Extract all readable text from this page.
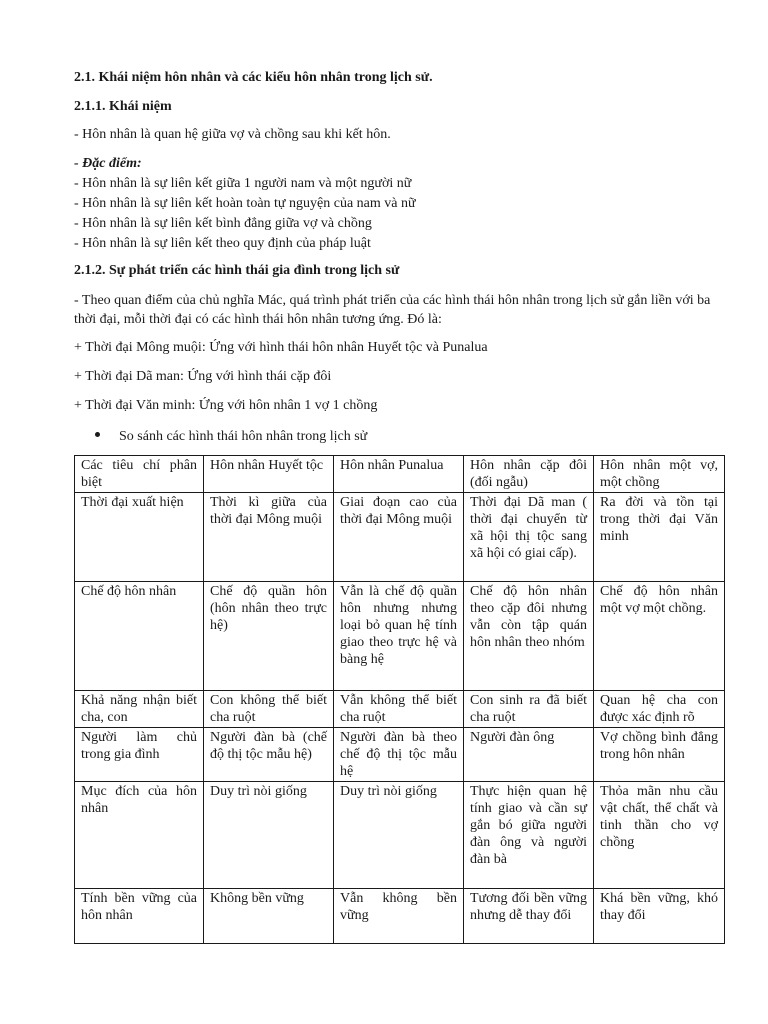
2.1. Khái niệm hôn nhân và các kiểu hôn nhân trong lịch sử.

2.1.1. Khái niệm

- Hôn nhân là quan hệ giữa vợ và chồng sau khi kết hôn.

- Đặc điểm:
- Hôn nhân là sự liên kết giữa 1 người nam và một người nữ
- Hôn nhân là sự liên kết hoàn toàn tự nguyện của nam và nữ
- Hôn nhân là sự liên kết bình đẳng giữa vợ và chồng
- Hôn nhân là sự liên kết theo quy định của pháp luật

2.1.2. Sự phát triển các hình thái gia đình trong lịch sử

- Theo quan điểm của chủ nghĩa Mác, quá trình phát triển của các hình thái hôn nhân trong lịch sử gắn liền với ba thời đại, mỗi thời đại có các hình thái hôn nhân tương ứng. Đó là:

+ Thời đại Mông muội: Ứng với hình thái hôn nhân Huyết tộc và Punalua

+ Thời đại Dã man: Ứng với hình thái cặp đôi

+ Thời đại Văn minh: Ứng với hôn nhân 1 vợ 1 chồng

So sánh các hình thái hôn nhân trong lịch sử
Các tiêu chí phân biệt	Hôn nhân Huyết tộc	Hôn nhân Punalua	Hôn nhân cặp đôi (đối ngẫu)	Hôn nhân một vợ, một chồng
Thời đại xuất hiện	Thời kì giữa của thời đại Mông muội	Giai đoạn cao của thời đại Mông muội	Thời đại Dã man ( thời đại chuyển từ xã hội thị tộc sang xã hội có giai cấp).	Ra đời và tồn tại trong thời đại Văn minh
Chế độ hôn nhân	Chế độ quần hôn (hôn nhân theo trực hệ)	Vẫn là chế độ quần hôn nhưng nhưng loại bỏ quan hệ tính giao theo trực hệ và bàng hệ	Chế độ hôn nhân theo cặp đôi nhưng vẫn còn tập quán hôn nhân theo nhóm	Chế độ hôn nhân một vợ một chồng.
Khả năng nhận biết cha, con	Con không thể biết cha ruột	Vẫn không thể biết cha ruột	Con sinh ra đã biết cha ruột	Quan hệ cha con được xác định rõ
Người làm chủ trong gia đình	Người đàn bà (chế độ thị tộc mẫu hệ)	Người đàn bà theo chế độ thị tộc mẫu hệ	Người đàn ông	Vợ chồng bình đẳng trong hôn nhân
Mục đích của hôn nhân	Duy trì nòi giống	Duy trì nòi giống	Thực hiện quan hệ tính giao và cần sự gắn bó giữa người đàn ông và người đàn bà	Thỏa mãn nhu cầu vật chất, thể chất và tinh thần cho vợ chồng
Tính bền vững của hôn nhân	Không bền vững	Vẫn không bền vững	Tương đối bền vững nhưng dễ thay đổi	Khá bền vững, khó thay đổi
